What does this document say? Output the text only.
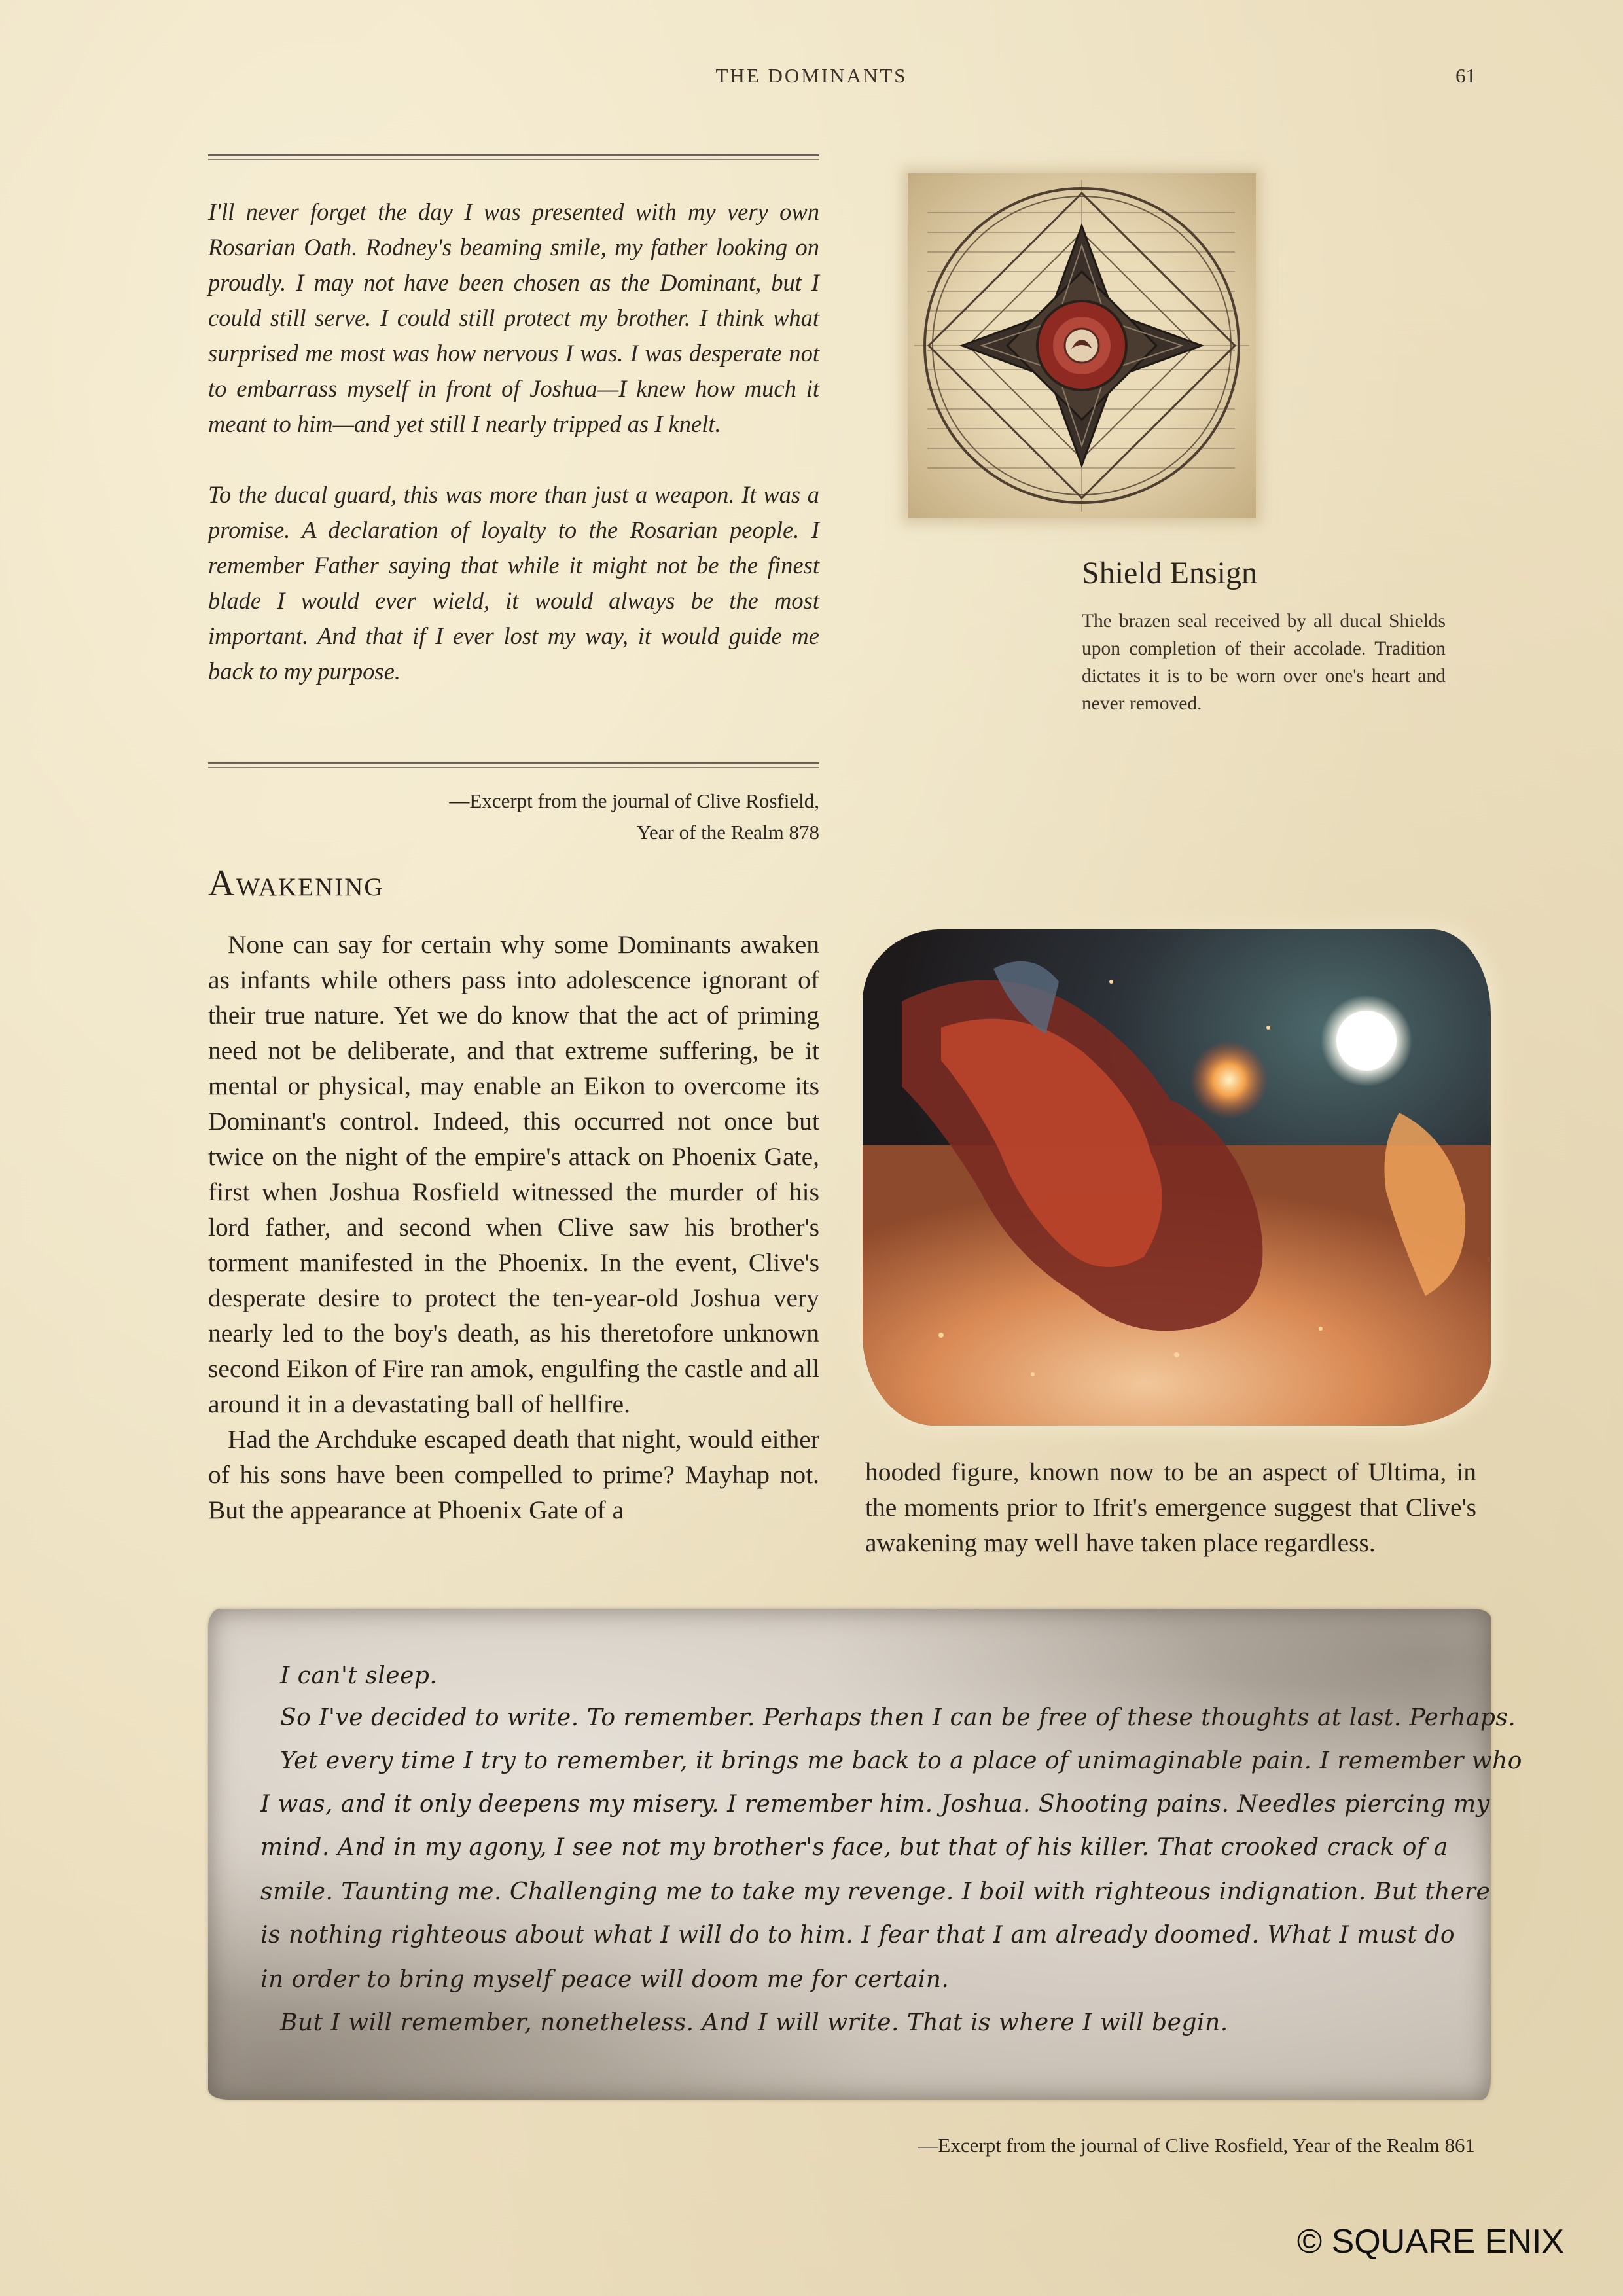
THE DOMINANTS	61

I'll never forget the day I was presented with my very own Rosarian Oath. Rodney's beaming smile, my father looking on proudly. I may not have been chosen as the Dominant, but I could still serve. I could still protect my brother. I think what surprised me most was how nervous I was. I was desperate not to embarrass myself in front of Joshua—I knew how much it meant to him—and yet still I nearly tripped as I knelt.

To the ducal guard, this was more than just a weapon. It was a promise. A declaration of loyalty to the Rosarian people. I remember Father saying that while it might not be the finest blade I would ever wield, it would always be the most important. And that if I ever lost my way, it would guide me back to my purpose.

—Excerpt from the journal of Clive Rosfield,
Year of the Realm 878
Shield Ensign
The brazen seal received by all ducal Shields upon completion of their accolade. Tradition dictates it is to be worn over one's heart and never removed.
Awakening

None can say for certain why some Dominants awaken as infants while others pass into adolescence ignorant of their true nature. Yet we do know that the act of priming need not be deliberate, and that extreme suffering, be it mental or physical, may enable an Eikon to overcome its Dominant's control. Indeed, this occurred not once but twice on the night of the empire's attack on Phoenix Gate, first when Joshua Rosfield witnessed the murder of his lord father, and second when Clive saw his brother's torment manifested in the Phoenix. In the event, Clive's desperate desire to protect the ten-year-old Joshua very nearly led to the boy's death, as his theretofore unknown second Eikon of Fire ran amok, engulfing the castle and all around it in a devastating ball of hellfire.

Had the Archduke escaped death that night, would either of his sons have been compelled to prime? Mayhap not. But the appearance at Phoenix Gate of a

hooded figure, known now to be an aspect of Ultima, in the moments prior to Ifrit's emergence suggest that Clive's awakening may well have taken place regardless.

I can't sleep.
So I've decided to write. To remember. Perhaps then I can be free of these thoughts at last. Perhaps.
Yet every time I try to remember, it brings me back to a place of unimaginable pain. I remember who
I was, and it only deepens my misery. I remember him. Joshua. Shooting pains. Needles piercing my
mind. And in my agony, I see not my brother's face, but that of his killer. That crooked crack of a
smile. Taunting me. Challenging me to take my revenge. I boil with righteous indignation. But there
is nothing righteous about what I will do to him. I fear that I am already doomed. What I must do
in order to bring myself peace will doom me for certain.
But I will remember, nonetheless. And I will write. That is where I will begin.
—Excerpt from the journal of Clive Rosfield, Year of the Realm 861
© SQUARE ENIX
